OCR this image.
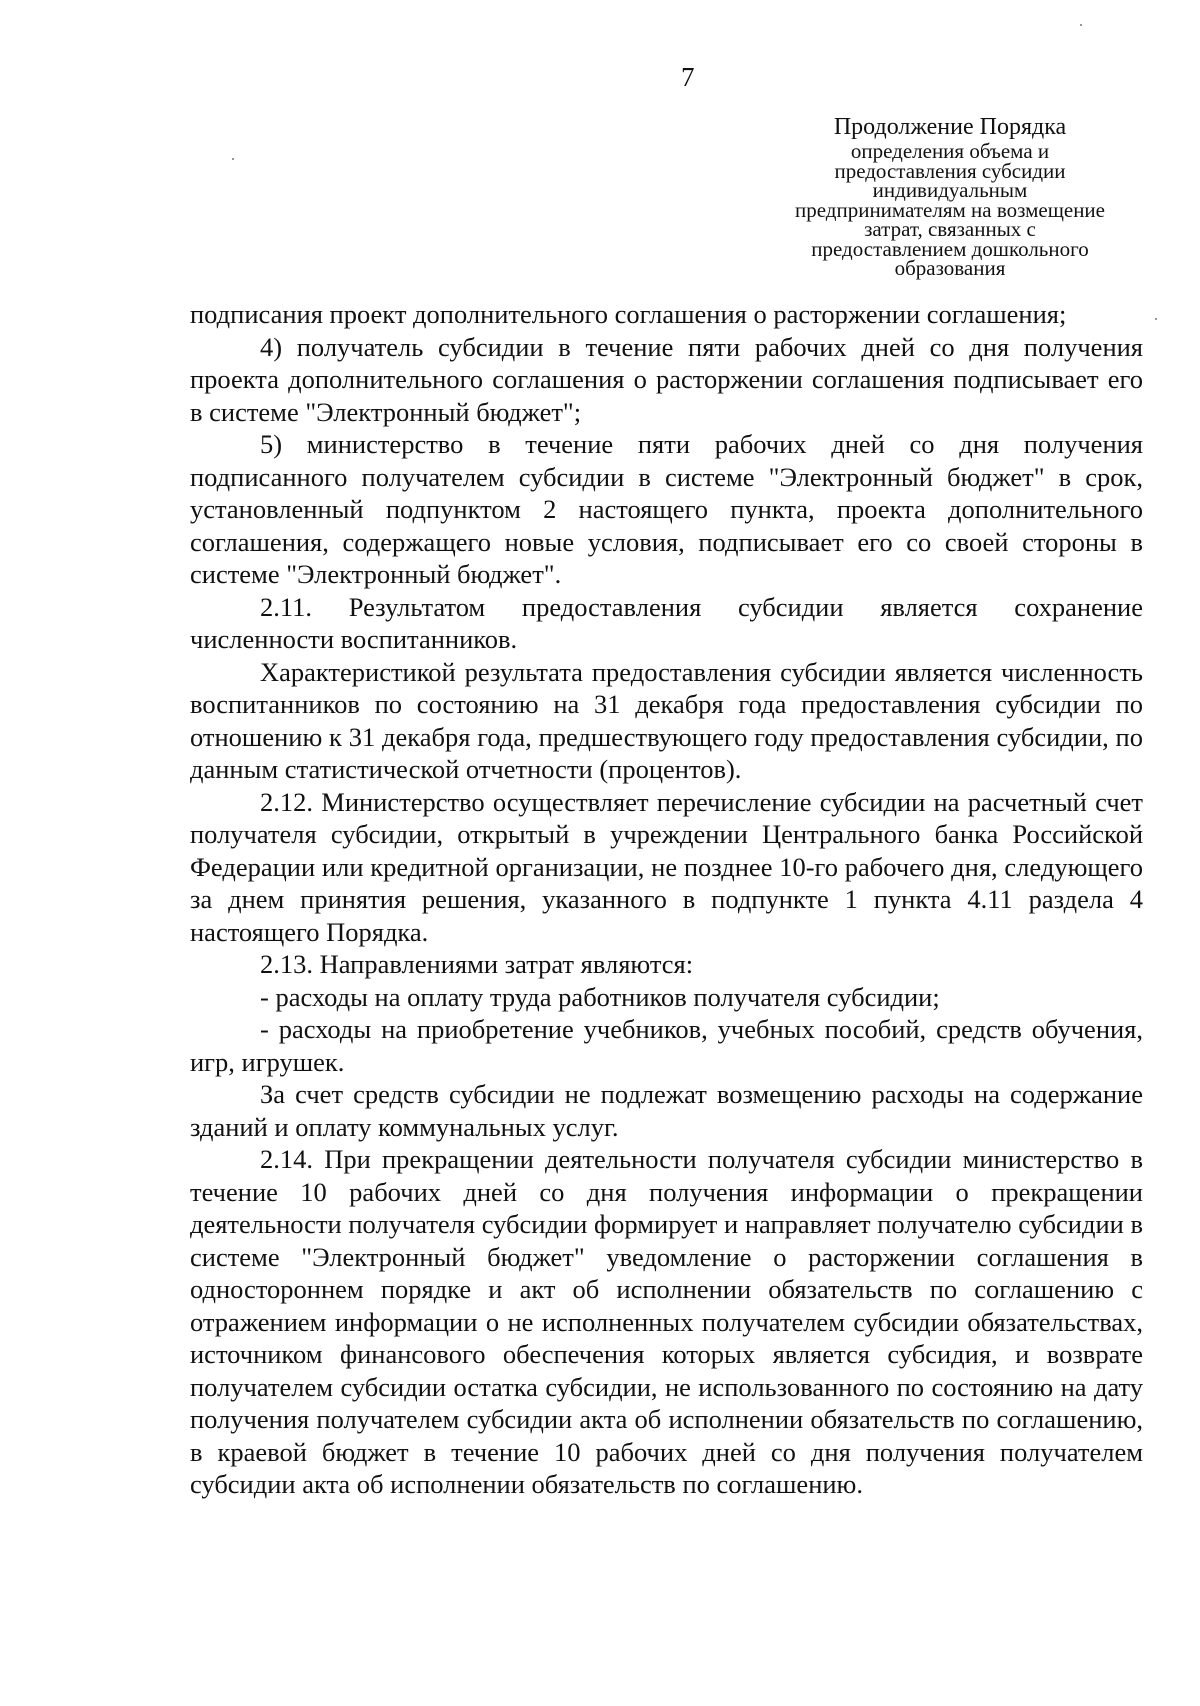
7
Продолжение Порядка
определения объема и
предоставления субсидии
индивидуальным
предпринимателям на возмещение
затрат, связанных с
предоставлением дошкольного
образования

подписания проект дополнительного соглашения о расторжении соглашения;

4) получатель субсидии в течение пяти рабочих дней со дня получения проекта дополнительного соглашения о расторжении соглашения подписывает его в системе "Электронный бюджет";

5) министерство в течение пяти рабочих дней со дня получения подписанного получателем субсидии в системе "Электронный бюджет" в срок, установленный подпунктом 2 настоящего пункта, проекта дополнительного соглашения, содержащего новые условия, подписывает его со своей стороны в системе "Электронный бюджет".

2.11. Результатом предоставления субсидии является сохранение численности воспитанников.

Характеристикой результата предоставления субсидии является численность воспитанников по состоянию на 31 декабря года предоставления субсидии по отношению к 31 декабря года, предшествующего году предоставления субсидии, по данным статистической отчетности (процентов).

2.12. Министерство осуществляет перечисление субсидии на расчетный счет получателя субсидии, открытый в учреждении Центрального банка Российской Федерации или кредитной организации, не позднее 10-го рабочего дня, следующего за днем принятия решения, указанного в подпункте 1 пункта 4.11 раздела 4 настоящего Порядка.

2.13. Направлениями затрат являются:

- расходы на оплату труда работников получателя субсидии;

- расходы на приобретение учебников, учебных пособий, средств обучения, игр, игрушек.

За счет средств субсидии не подлежат возмещению расходы на содержание зданий и оплату коммунальных услуг.

2.14. При прекращении деятельности получателя субсидии министерство в течение 10 рабочих дней со дня получения информации о прекращении деятельности получателя субсидии формирует и направляет получателю субсидии в системе "Электронный бюджет" уведомление о расторжении соглашения в одностороннем порядке и акт об исполнении обязательств по соглашению с отражением информации о не исполненных получателем субсидии обязательствах, источником финансового обеспечения которых является субсидия, и возврате получателем субсидии остатка субсидии, не использованного по состоянию на дату получения получателем субсидии акта об исполнении обязательств по соглашению, в краевой бюджет в течение 10 рабочих дней со дня получения получателем субсидии акта об исполнении обязательств по соглашению.
